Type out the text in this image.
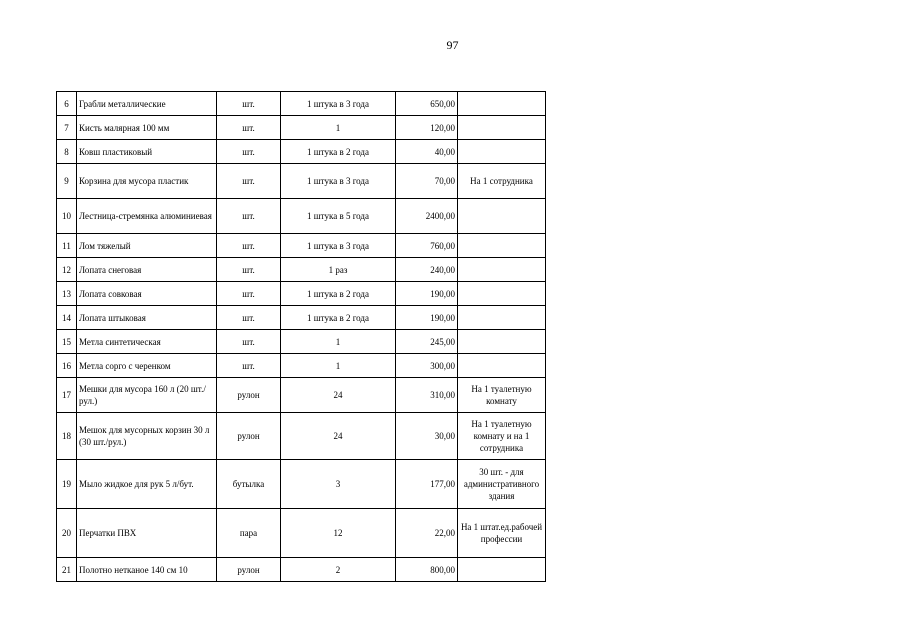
97
6	Грабли металлические	шт.	1 штука в 3 года	650,00	
7	Кисть малярная 100 мм	шт.	1	120,00	
8	Ковш пластиковый	шт.	1 штука в 2 года	40,00	
9	Корзина для мусора пластик	шт.	1 штука в 3 года	70,00	На 1 сотрудника
10	Лестница-стремянка алюминиевая	шт.	1 штука в 5 года	2400,00	
11	Лом тяжелый	шт.	1 штука в 3 года	760,00	
12	Лопата снеговая	шт.	1 раз	240,00	
13	Лопата совковая	шт.	1 штука в 2 года	190,00	
14	Лопата штыковая	шт.	1 штука в 2 года	190,00	
15	Метла синтетическая	шт.	1	245,00	
16	Метла сорго с черенком	шт.	1	300,00	
17	Мешки для мусора 160 л (20 шт./рул.)	рулон	24	310,00	На 1 туалетную комнату
18	Мешок для мусорных корзин 30 л (30 шт./рул.)	рулон	24	30,00	На 1 туалетную комнату и на 1 сотрудника
19	Мыло жидкое для рук 5 л/бут.	бутылка	3	177,00	30 шт. - для административного здания
20	Перчатки ПВХ	пара	12	22,00	На 1 штат.ед.рабочей профессии
21	Полотно нетканое 140 см 10	рулон	2	800,00	
